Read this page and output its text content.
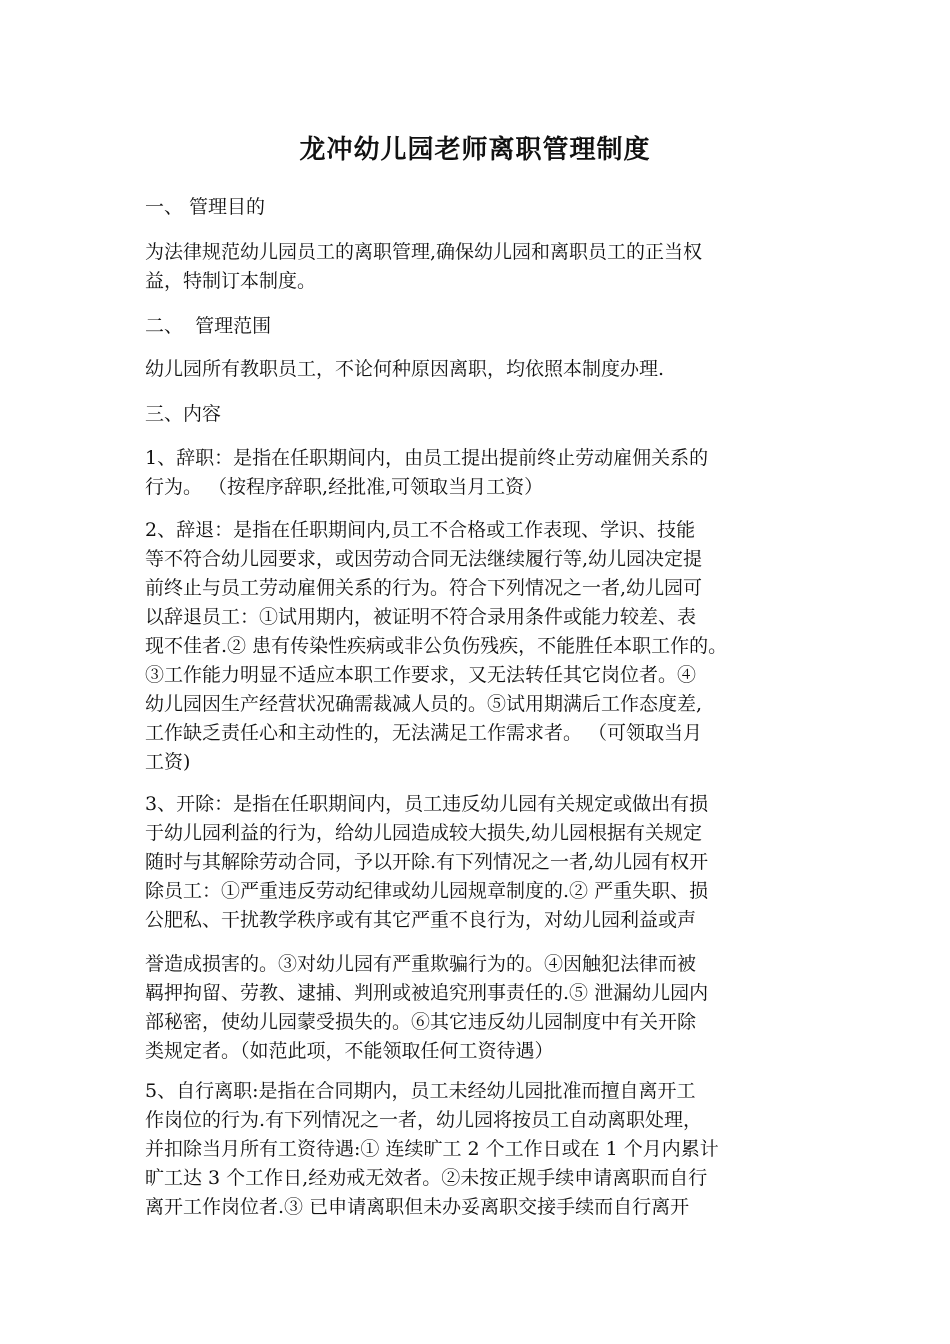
龙冲幼儿园老师离职管理制度
一、 管理目的
为法律规范幼儿园员工的离职管理,确保幼儿园和离职员工的正当权
益，特制订本制度。
二、  管理范围
幼儿园所有教职员工，不论何种原因离职，均依照本制度办理.
三、内容
1、辞职：是指在任职期间内，由员工提出提前终止劳动雇佣关系的
行为。 （按程序辞职,经批准,可领取当月工资）
2、辞退：是指在任职期间内,员工不合格或工作表现、学识、技能
等不符合幼儿园要求，或因劳动合同无法继续履行等,幼儿园决定提
前终止与员工劳动雇佣关系的行为。符合下列情况之一者,幼儿园可
以辞退员工：①试用期内，被证明不符合录用条件或能力较差、表
现不佳者.② 患有传染性疾病或非公负伤残疾，不能胜任本职工作的。
③工作能力明显不适应本职工作要求，又无法转任其它岗位者。④
幼儿园因生产经营状况确需裁减人员的。⑤试用期满后工作态度差,
工作缺乏责任心和主动性的，无法满足工作需求者。 （可领取当月
工资)
3、开除：是指在任职期间内，员工违反幼儿园有关规定或做出有损
于幼儿园利益的行为，给幼儿园造成较大损失,幼儿园根据有关规定
随时与其解除劳动合同，予以开除.有下列情况之一者,幼儿园有权开
除员工：①严重违反劳动纪律或幼儿园规章制度的.② 严重失职、损
公肥私、干扰教学秩序或有其它严重不良行为，对幼儿园利益或声
誉造成损害的。③对幼儿园有严重欺骗行为的。④因触犯法律而被
羁押拘留、劳教、逮捕、判刑或被追究刑事责任的.⑤ 泄漏幼儿园内
部秘密，使幼儿园蒙受损失的。⑥其它违反幼儿园制度中有关开除
类规定者。（如范此项，不能领取任何工资待遇）
5、自行离职:是指在合同期内，员工未经幼儿园批准而擅自离开工
作岗位的行为.有下列情况之一者，幼儿园将按员工自动离职处理，
并扣除当月所有工资待遇:① 连续旷工 2 个工作日或在 1 个月内累计
旷工达 3 个工作日,经劝戒无效者。②未按正规手续申请离职而自行
离开工作岗位者.③ 已申请离职但未办妥离职交接手续而自行离开
